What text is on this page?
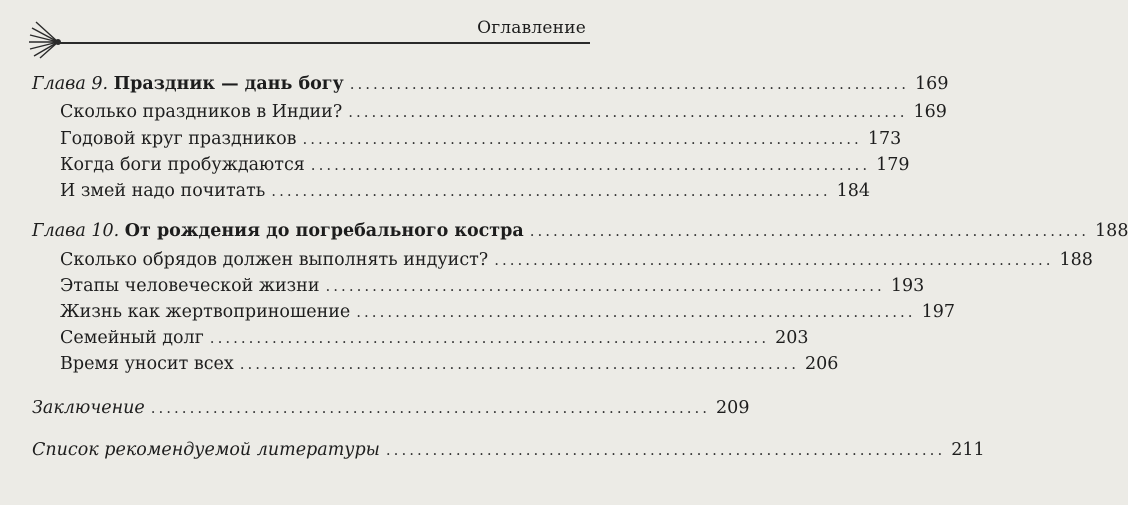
Оглавление
Глава 9. Праздник — дань богу ........................................................................ 169
Сколько праздников в Индии? ........................................................................ 169
Годовой круг праздников ........................................................................ 173
Когда боги пробуждаются ........................................................................ 179
И змей надо почитать ........................................................................ 184
Глава 10. От рождения до погребального костра ........................................................................ 188
Сколько обрядов должен выполнять индуист? ........................................................................ 188
Этапы человеческой жизни ........................................................................ 193
Жизнь как жертвоприношение ........................................................................ 197
Семейный долг ........................................................................ 203
Время уносит всех ........................................................................ 206
Заключение ........................................................................ 209
Список рекомендуемой литературы ........................................................................ 211
